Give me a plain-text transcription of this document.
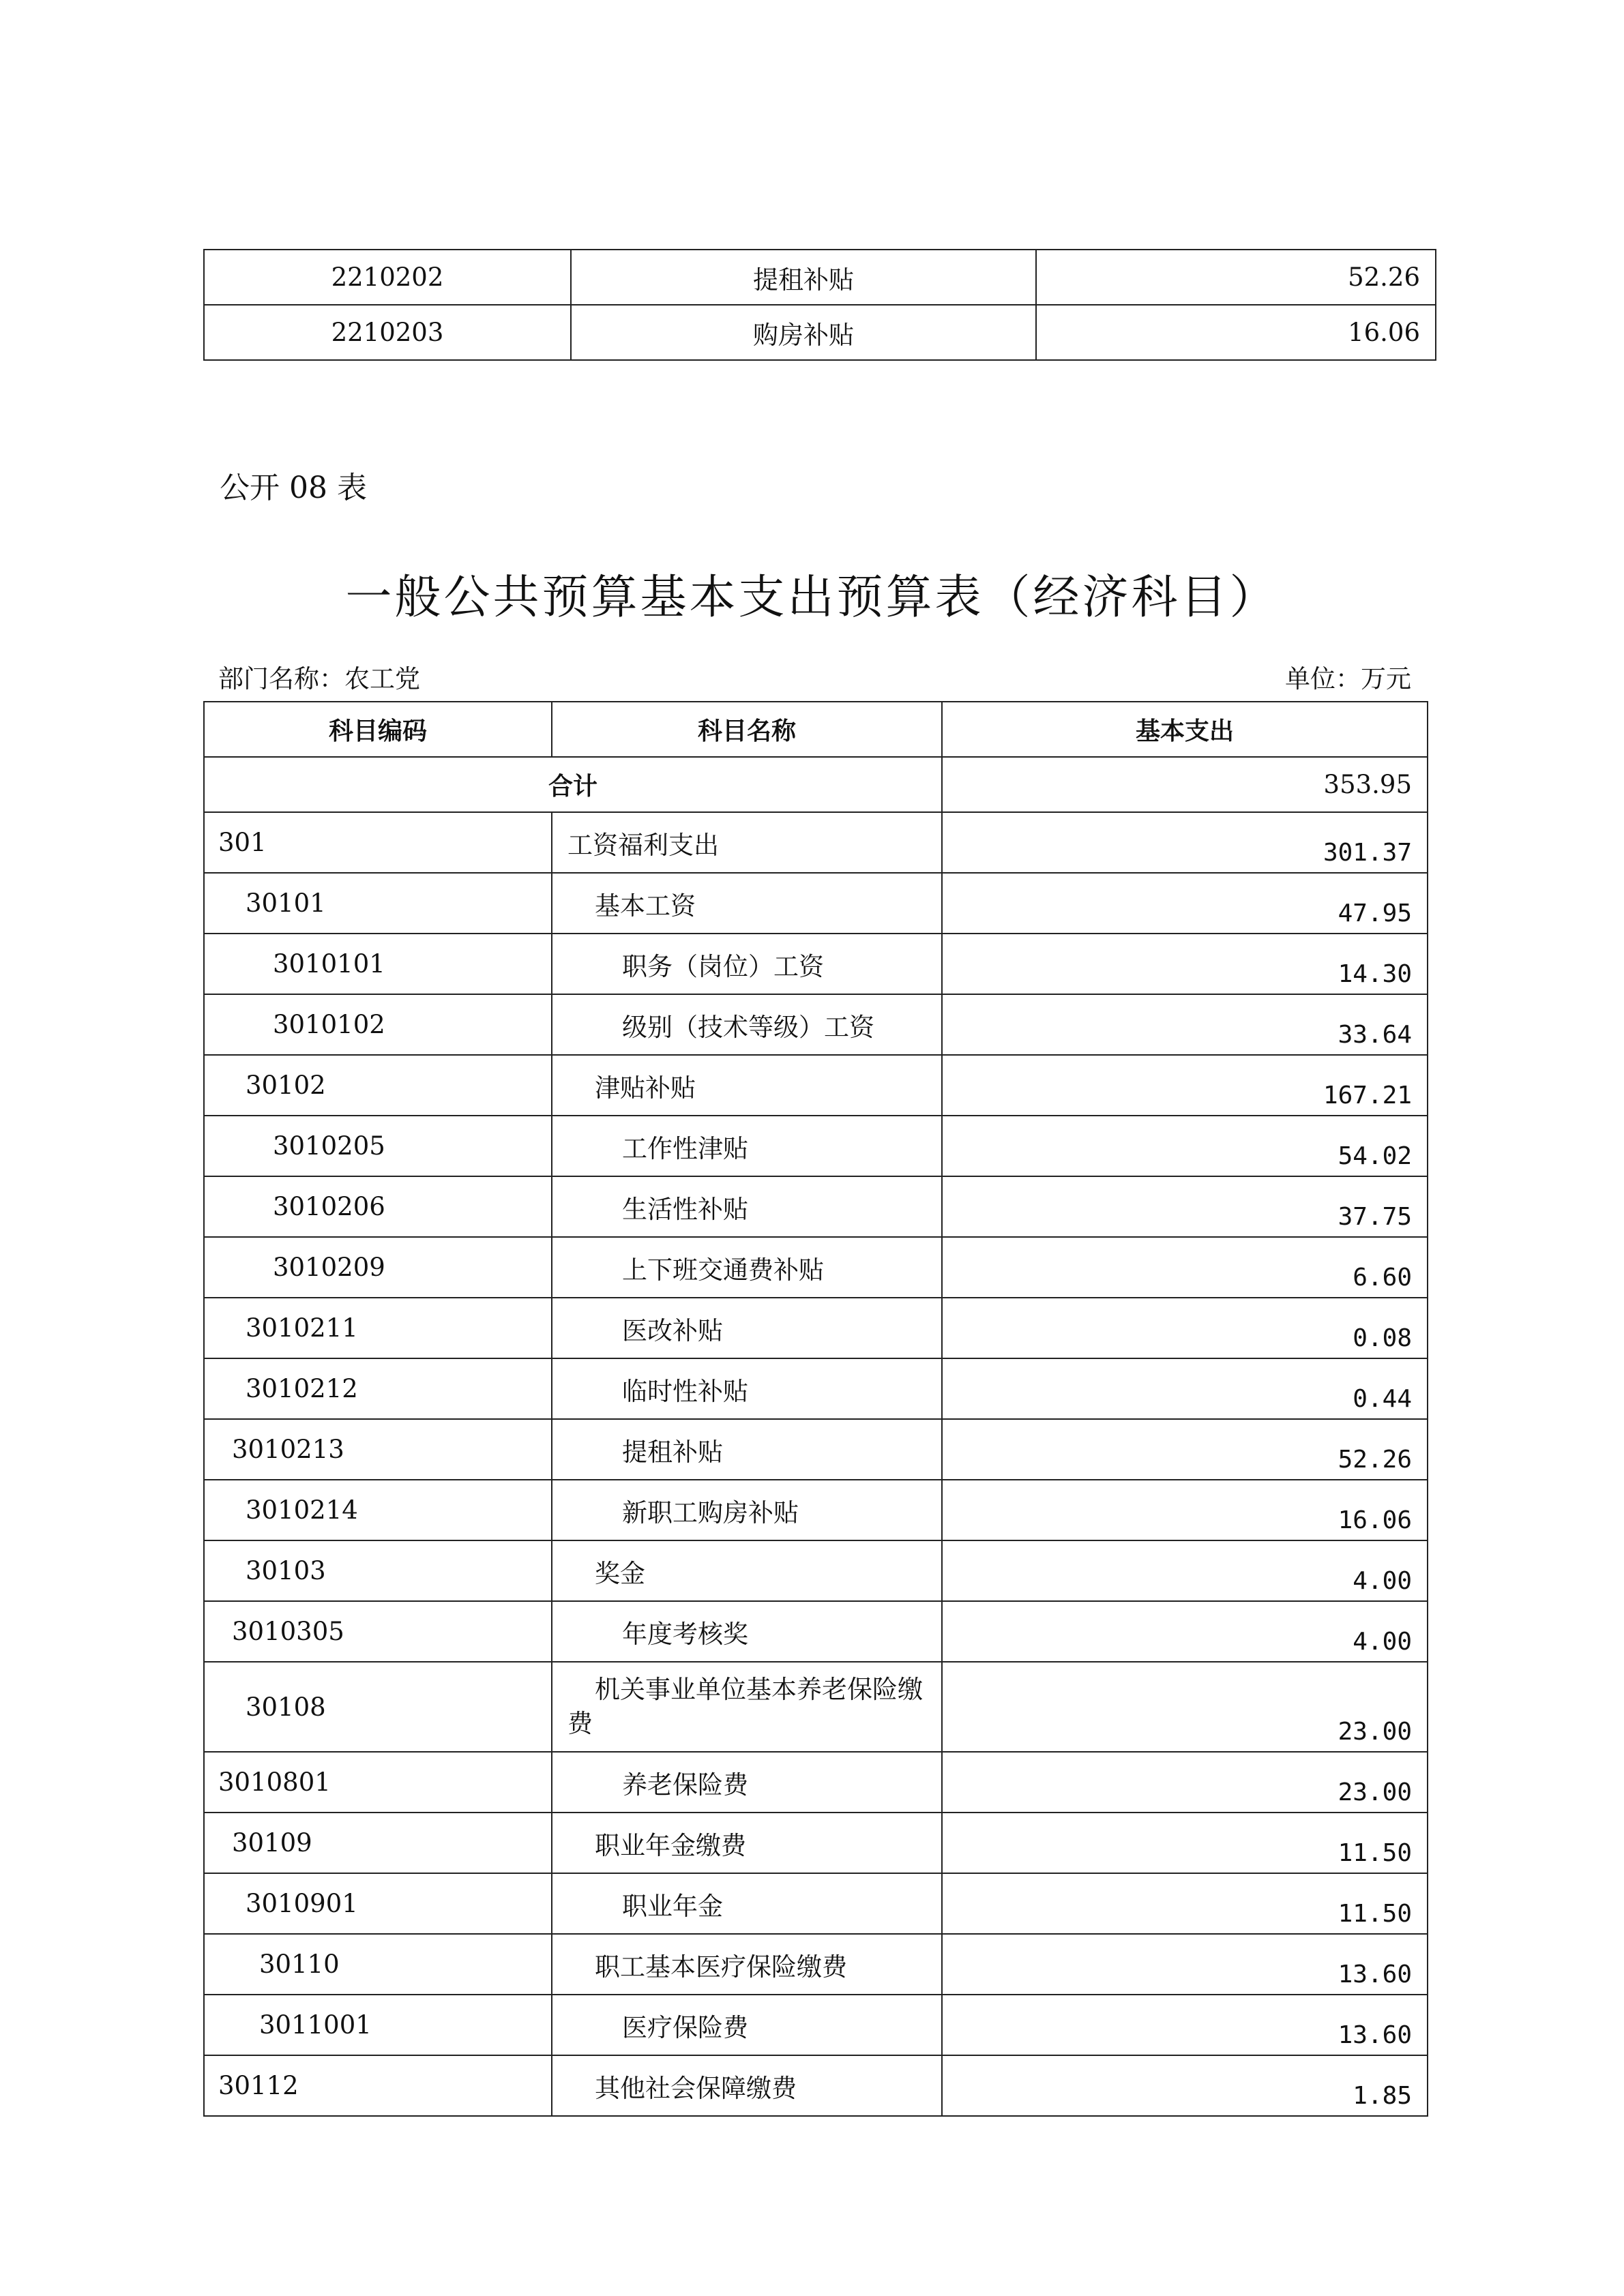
2210202	提租补贴	52.26
2210203	购房补贴	16.06
公开 08 表
一般公共预算基本支出预算表（经济科目）
部门名称：农工党	单位：万元
科目编码	科目名称	基本支出
合计		353.95
301	工资福利支出	301.37
30101	基本工资	47.95
3010101	职务（岗位）工资	14.30
3010102	级别（技术等级）工资	33.64
30102	津贴补贴	167.21
3010205	工作性津贴	54.02
3010206	生活性补贴	37.75
3010209	上下班交通费补贴	6.60
3010211	医改补贴	0.08
3010212	临时性补贴	0.44
3010213	提租补贴	52.26
3010214	新职工购房补贴	16.06
30103	奖金	4.00
3010305	年度考核奖	4.00
30108	机关事业单位基本养老保险缴费	23.00
3010801	养老保险费	23.00
30109	职业年金缴费	11.50
3010901	职业年金	11.50
30110	职工基本医疗保险缴费	13.60
3011001	医疗保险费	13.60
30112	其他社会保障缴费	1.85
